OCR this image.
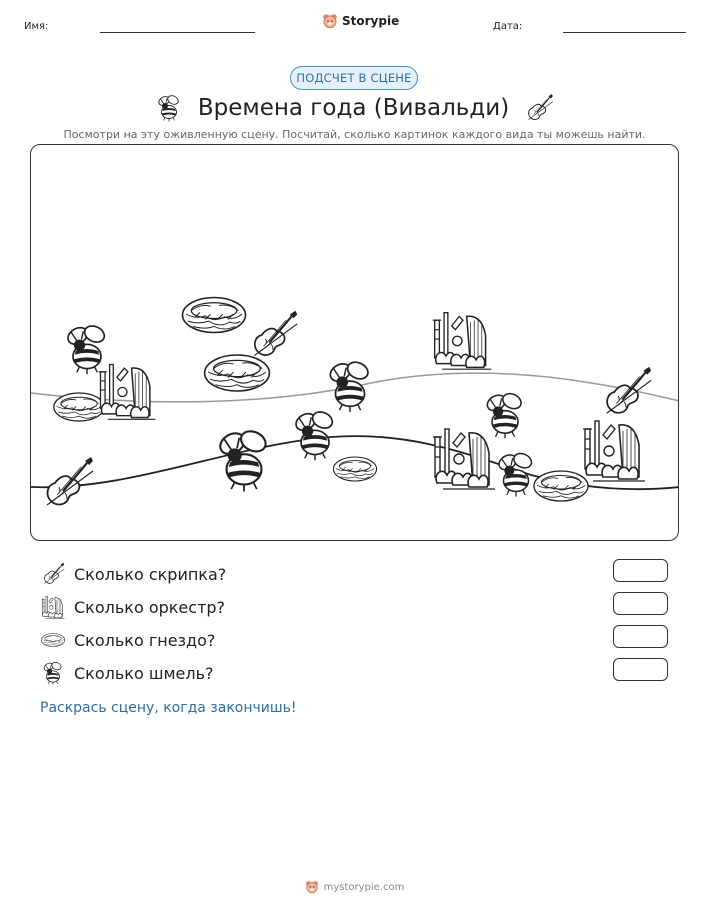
Имя:	Storypie	Дата:
ПОДСЧЕТ В СЦЕНЕ
Времена года (Вивальди)
Посмотри на эту оживленную сцену. Посчитай, сколько картинок каждого вида ты можешь найти.
Сколько скрипка?
Сколько оркестр?
Сколько гнездо?
Сколько шмель?
Раскрась сцену, когда закончишь!
mystorypie.com
